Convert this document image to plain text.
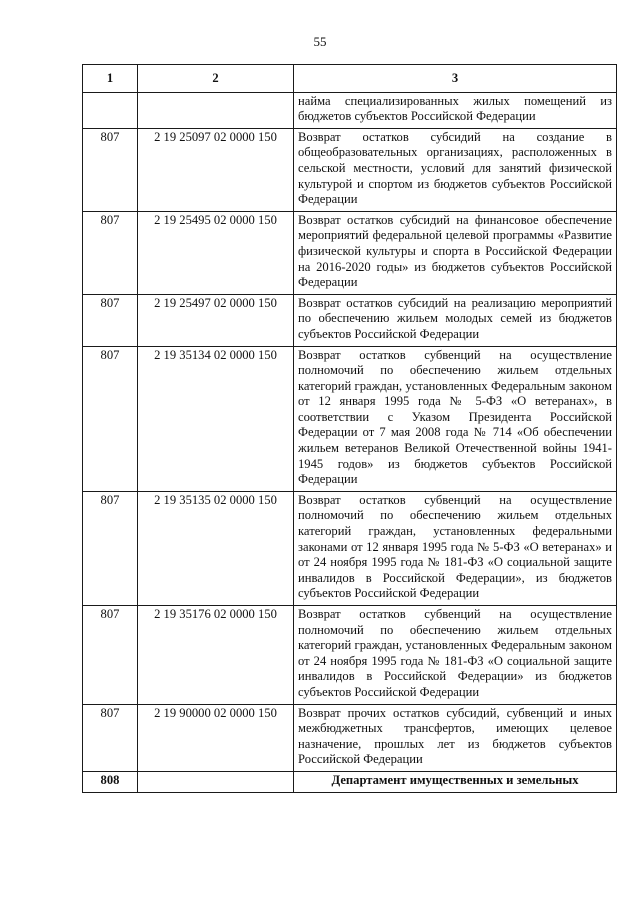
55
1	2	3
		найма специализированных жилых помещений из бюджетов субъектов Российской Федерации
807	2 19 25097 02 0000 150	Возврат остатков субсидий на создание в общеобразовательных организациях, расположенных в сельской местности, условий для занятий физической культурой и спортом из бюджетов субъектов Российской Федерации
807	2 19 25495 02 0000 150	Возврат остатков субсидий на финансовое обеспечение мероприятий федеральной целевой программы «Развитие физической культуры и спорта в Российской Федерации на 2016-2020 годы» из бюджетов субъектов Российской Федерации
807	2 19 25497 02 0000 150	Возврат остатков субсидий на реализацию мероприятий по обеспечению жильем молодых семей из бюджетов субъектов Российской Федерации
807	2 19 35134 02 0000 150	Возврат остатков субвенций на осуществление полномочий по обеспечению жильем отдельных категорий граждан, установленных Федеральным законом от 12 января 1995 года № 5-ФЗ «О ветеранах», в соответствии с Указом Президента Российской Федерации от 7 мая 2008 года № 714 «Об обеспечении жильем ветеранов Великой Отечественной войны 1941-1945 годов» из бюджетов субъектов Российской Федерации
807	2 19 35135 02 0000 150	Возврат остатков субвенций на осуществление полномочий по обеспечению жильем отдельных категорий граждан, установленных федеральными законами от 12 января 1995 года № 5-ФЗ «О ветеранах» и от 24 ноября 1995 года № 181-ФЗ «О социальной защите инвалидов в Российской Федерации», из бюджетов субъектов Российской Федерации
807	2 19 35176 02 0000 150	Возврат остатков субвенций на осуществление полномочий по обеспечению жильем отдельных категорий граждан, установленных Федеральным законом от 24 ноября 1995 года № 181-ФЗ «О социальной защите инвалидов в Российской Федерации» из бюджетов субъектов Российской Федерации
807	2 19 90000 02 0000 150	Возврат прочих остатков субсидий, субвенций и иных межбюджетных трансфертов, имеющих целевое назначение, прошлых лет из бюджетов субъектов Российской Федерации
808		Департамент имущественных и земельных
